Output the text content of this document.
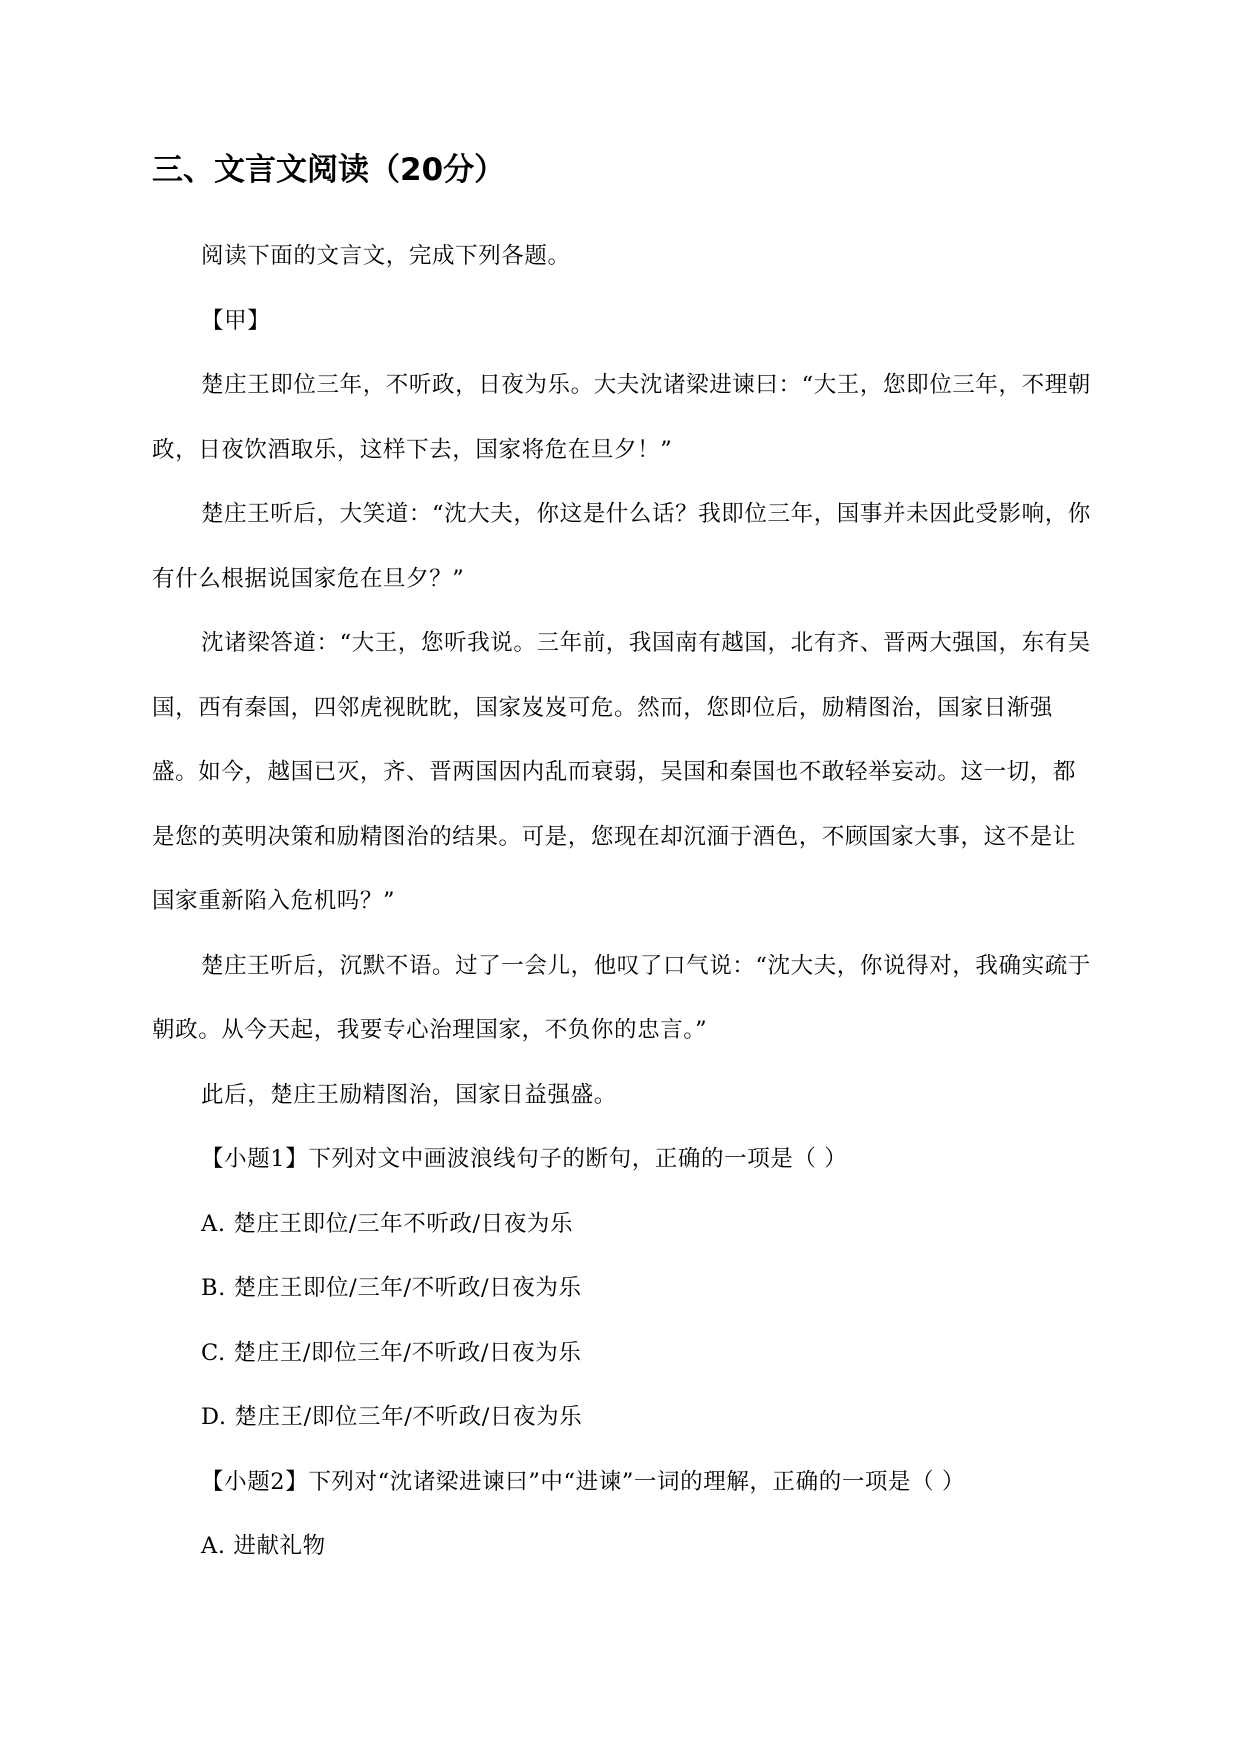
三、文言文阅读（20分）

阅读下面的文言文，完成下列各题。

【甲】

楚庄王即位三年，不听政，日夜为乐。大夫沈诸梁进谏曰：“大王，您即位三年，不理朝政，日夜饮酒取乐，这样下去，国家将危在旦夕！”

楚庄王听后，大笑道：“沈大夫，你这是什么话？我即位三年，国事并未因此受影响，你有什么根据说国家危在旦夕？”

沈诸梁答道：“大王，您听我说。三年前，我国南有越国，北有齐、晋两大强国，东有吴国，西有秦国，四邻虎视眈眈，国家岌岌可危。然而，您即位后，励精图治，国家日渐强盛。如今，越国已灭，齐、晋两国因内乱而衰弱，吴国和秦国也不敢轻举妄动。这一切，都是您的英明决策和励精图治的结果。可是，您现在却沉湎于酒色，不顾国家大事，这不是让国家重新陷入危机吗？”

楚庄王听后，沉默不语。过了一会儿，他叹了口气说：“沈大夫，你说得对，我确实疏于朝政。从今天起，我要专心治理国家，不负你的忠言。”

此后，楚庄王励精图治，国家日益强盛。

【小题1】下列对文中画波浪线句子的断句，正确的一项是（ ）

A. 楚庄王即位/三年不听政/日夜为乐

B. 楚庄王即位/三年/不听政/日夜为乐

C. 楚庄王/即位三年/不听政/日夜为乐

D. 楚庄王/即位三年/不听政/日夜为乐

【小题2】下列对“沈诸梁进谏曰”中“进谏”一词的理解，正确的一项是（ ）

A. 进献礼物
